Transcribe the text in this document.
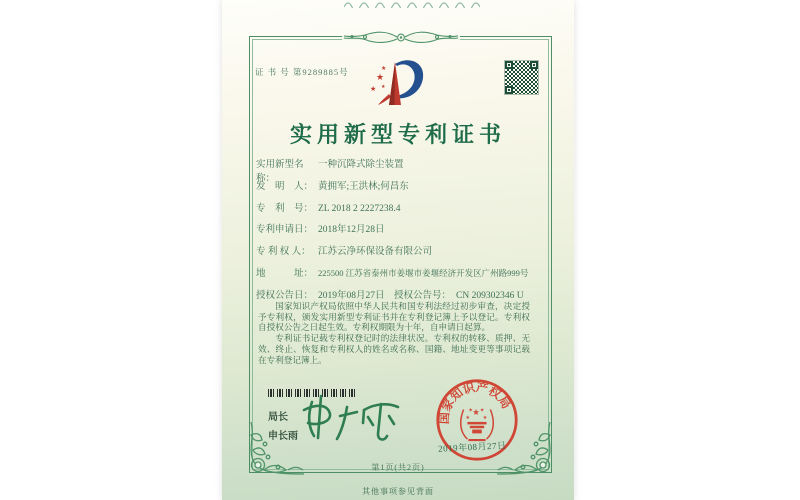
证 书 号 第9289885号	★
★
★
★
实用新型专利证书
实用新型名称：
一种沉降式除尘装置
发　明　人： 黄拥军;王洪林;何昌东
专　利　号： ZL 2018 2 2227238.4
专利申请日： 2018年12月28日
专 利 权 人： 江苏云净环保设备有限公司
地　　　址： 225500 江苏省泰州市姜堰市姜堰经济开发区广州路999号
授权公告日： 2019年08月27日 授权公告号： CN 209302346 U

国家知识产权局依照中华人民共和国专利法经过初步审查，决定授予专利权，颁发实用新型专利证书并在专利登记簿上予以登记。专利权自授权公告之日起生效。专利权期限为十年，自申请日起算。

专利证书记载专利权登记时的法律状况。专利权的转移、质押、无效、终止、恢复和专利权人的姓名或名称、国籍、地址变更等事项记载在专利登记簿上。

局长
申长雨
国家知识产权局
★
★	★
★ ★
2019年08月27日
第1页(共2页)
其他事项参见背面
